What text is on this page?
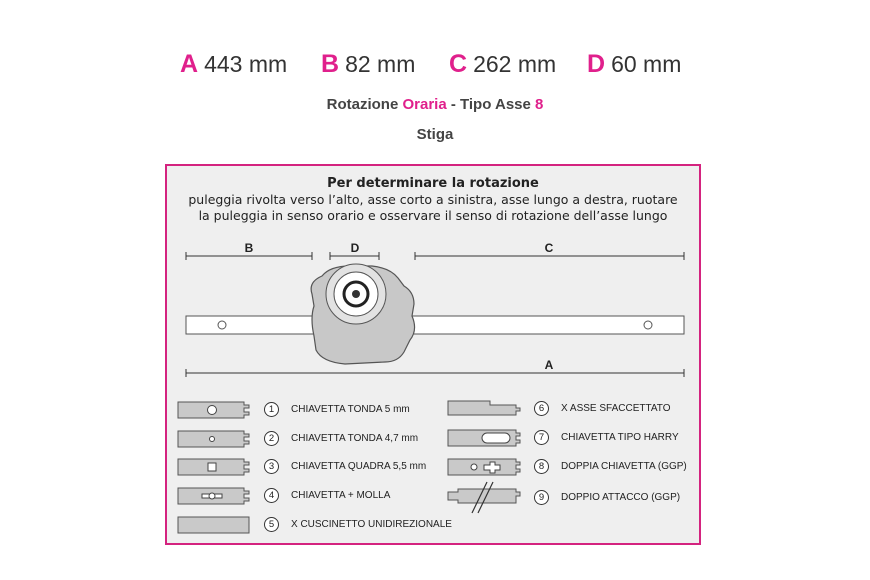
A 443 mm B 82 mm C 262 mm D 60 mm
Rotazione Oraria - Tipo Asse 8
Stiga
Per determinare la rotazione
puleggia rivolta verso l’alto, asse corto a sinistra, asse lungo a destra, ruotare
la puleggia in senso orario e osservare il senso di rotazione dell’asse lungo
B	D	C
A
1	CHIAVETTA TONDA 5 mm
2	CHIAVETTA TONDA 4,7 mm
3	CHIAVETTA QUADRA 5,5 mm
4	CHIAVETTA + MOLLA
5	X CUSCINETTO UNIDIREZIONALE
6	X ASSE SFACCETTATO
7	CHIAVETTA TIPO HARRY
8	DOPPIA CHIAVETTA (GGP)
9	DOPPIO ATTACCO (GGP)
